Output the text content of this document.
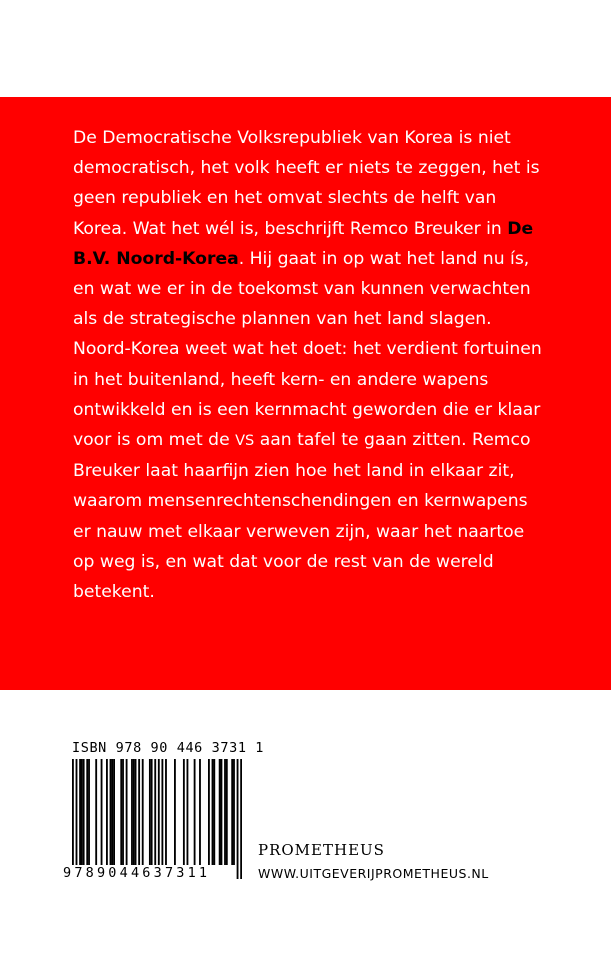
De Democratische Volksrepubliek van Korea is niet democratisch, het volk heeft er niets te zeggen, het is geen republiek en het omvat slechts de helft van Korea. Wat het wél is, beschrijft Remco Breuker in De B.V. Noord-Korea. Hij gaat in op wat het land nu ís, en wat we er in de toekomst van kunnen verwachten als de strategische plannen van het land slagen. Noord-Korea weet wat het doet: het verdient fortuinen in het buitenland, heeft kern- en andere wapens ontwikkeld en is een kernmacht geworden die er klaar voor is om met de VS aan tafel te gaan zitten. Remco Breuker laat haarfijn zien hoe het land in elkaar zit, waarom mensenrechtenschendingen en kernwapens er nauw met elkaar verweven zijn, waar het naartoe op weg is, en wat dat voor de rest van de wereld betekent.

ISBN 978 90 446 3731 1
9789044637311
PROMETHEUS
WWW.UITGEVERIJPROMETHEUS.NL
